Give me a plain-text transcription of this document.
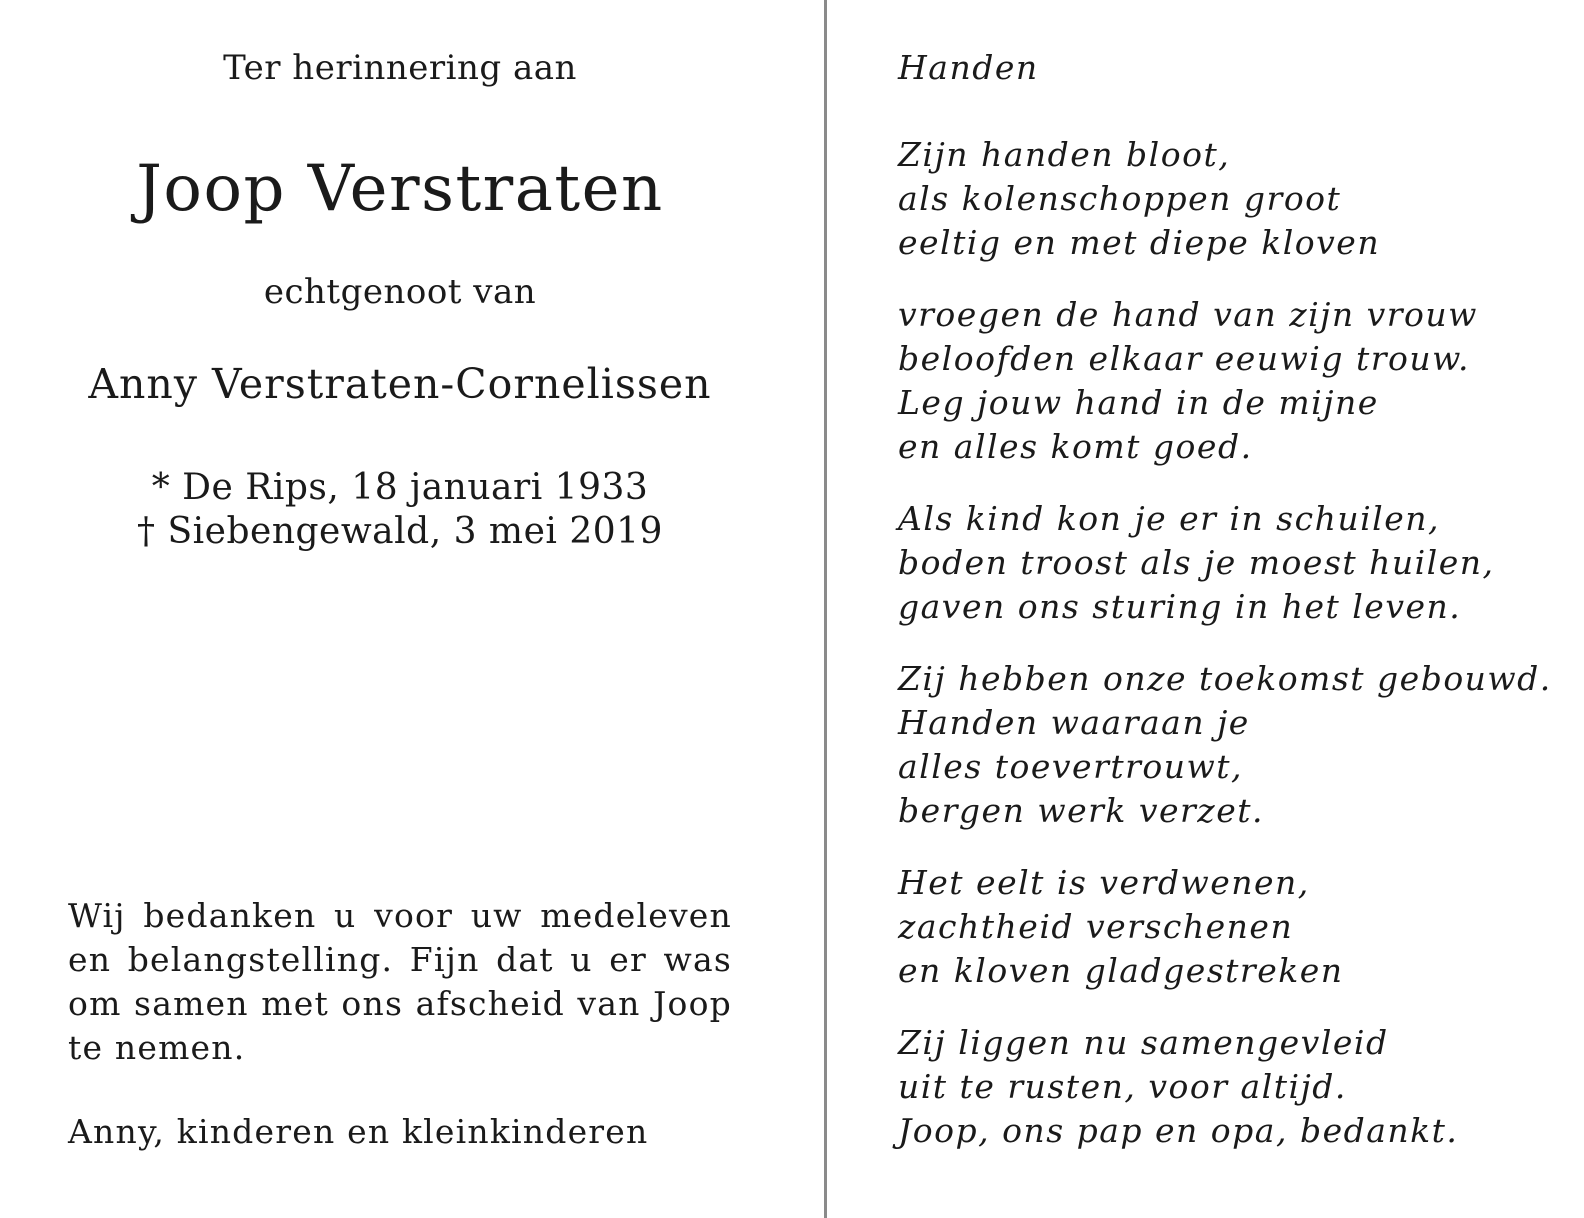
Ter herinnering aan
Joop Verstraten
echtgenoot van
Anny Verstraten-Cornelissen
* De Rips, 18 januari 1933
† Siebengewald, 3 mei 2019

Wij bedanken u voor uw medeleven en belangstelling. Fijn dat u er was om samen met ons afscheid van Joop te nemen.

Anny, kinderen en kleinkinderen
Handen
Zijn handen bloot,
als kolenschoppen groot
eeltig en met diepe kloven
vroegen de hand van zijn vrouw
beloofden elkaar eeuwig trouw.
Leg jouw hand in de mijne
en alles komt goed.
Als kind kon je er in schuilen,
boden troost als je moest huilen,
gaven ons sturing in het leven.
Zij hebben onze toekomst gebouwd.
Handen waaraan je
alles toevertrouwt,
bergen werk verzet.
Het eelt is verdwenen,
zachtheid verschenen
en kloven gladgestreken
Zij liggen nu samengevleid
uit te rusten, voor altijd.
Joop, ons pap en opa, bedankt.
